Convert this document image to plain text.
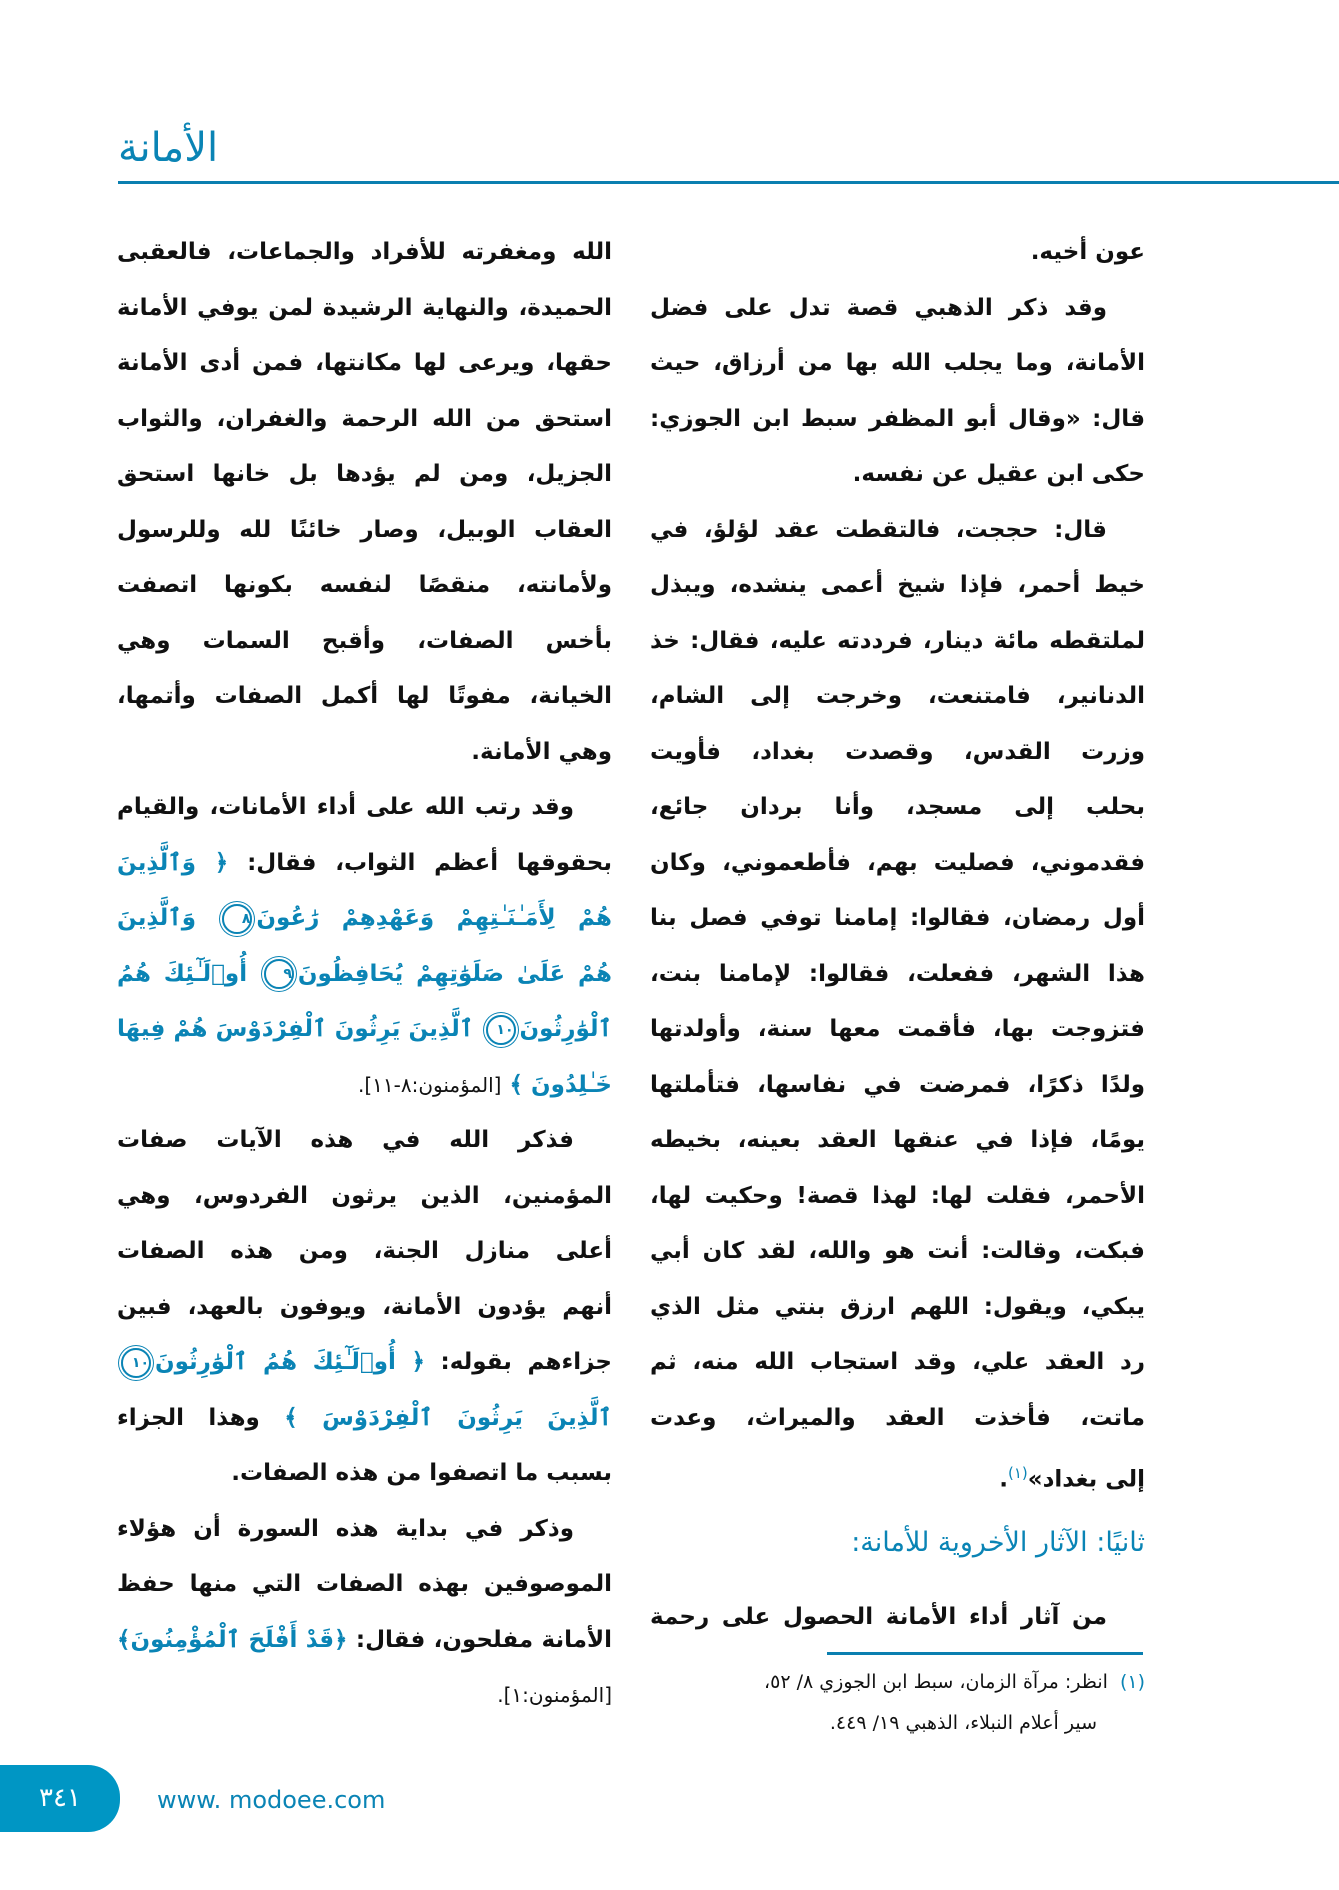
الأمانة
عون أخيه.
وقد ذكر الذهبي قصة تدل على فضل
الأمانة، وما يجلب الله بها من أرزاق، حيث
قال: «وقال أبو المظفر سبط ابن الجوزي:
حكى ابن عقيل عن نفسه.
قال: حججت، فالتقطت عقد لؤلؤ، في
خيط أحمر، فإذا شيخ أعمى ينشده، ويبذل
لملتقطه مائة دينار، فرددته عليه، فقال: خذ
الدنانير، فامتنعت، وخرجت إلى الشام،
وزرت القدس، وقصدت بغداد، فأويت
بحلب إلى مسجد، وأنا بردان جائع،
فقدموني، فصليت بهم، فأطعموني، وكان
أول رمضان، فقالوا: إمامنا توفي فصل بنا
هذا الشهر، ففعلت، فقالوا: لإمامنا بنت،
فتزوجت بها، فأقمت معها سنة، وأولدتها
ولدًا ذكرًا، فمرضت في نفاسها، فتأملتها
يومًا، فإذا في عنقها العقد بعينه، بخيطه
الأحمر، فقلت لها: لهذا قصة! وحكيت لها،
فبكت، وقالت: أنت هو والله، لقد كان أبي
يبكي، ويقول: اللهم ارزق بنتي مثل الذي
رد العقد علي، وقد استجاب الله منه، ثم
ماتت، فأخذت العقد والميراث، وعدت
إلى بغداد»$^{(١)}$.
الله ومغفرته للأفراد والجماعات، فالعقبى
الحميدة، والنهاية الرشيدة لمن يوفي الأمانة
حقها، ويرعى لها مكانتها، فمن أدى الأمانة
استحق من الله الرحمة والغفران، والثواب
الجزيل، ومن لم يؤدها بل خانها استحق
العقاب الوبيل، وصار خائنًا لله وللرسول
ولأمانته، منقصًا لنفسه بكونها اتصفت
بأخس الصفات، وأقبح السمات وهي
الخيانة، مفوتًا لها أكمل الصفات وأتمها،
وهي الأمانة.
وقد رتب الله على أداء الأمانات، والقيام
بحقوقها أعظم الثواب، فقال: ﴿ وَٱلَّذِينَ
هُمْ لِأَمَـٰنَـٰتِهِمْ وَعَهْدِهِمْ رَٰعُونَ٨ وَٱلَّذِينَ
هُمْ عَلَىٰ صَلَوَٰتِهِمْ يُحَافِظُونَ٩ أُو۟لَـٰٓئِكَ هُمُ
ٱلْوَٰرِثُونَ١٠ ٱلَّذِينَ يَرِثُونَ ٱلْفِرْدَوْسَ هُمْ فِيهَا
خَـٰلِدُونَ ﴾ [المؤمنون:٨-١١].
فذكر الله في هذه الآيات صفات
المؤمنين، الذين يرثون الفردوس، وهي
أعلى منازل الجنة، ومن هذه الصفات
أنهم يؤدون الأمانة، ويوفون بالعهد، فبين
جزاءهم بقوله: ﴿ أُو۟لَـٰٓئِكَ هُمُ ٱلْوَٰرِثُونَ١٠
ٱلَّذِينَ يَرِثُونَ ٱلْفِرْدَوْسَ ﴾ وهذا الجزاء
بسبب ما اتصفوا من هذه الصفات.
وذكر في بداية هذه السورة أن هؤلاء
الموصوفين بهذه الصفات التي منها حفظ
الأمانة مفلحون، فقال: ﴿قَدْ أَفْلَحَ ٱلْمُؤْمِنُونَ﴾
[المؤمنون:١].
ثانيًا: الآثار الأخروية للأمانة:
من آثار أداء الأمانة الحصول على رحمة
(١)انظر: مرآة الزمان، سبط ابن الجوزي ٨/ ٥٢،
سير أعلام النبلاء، الذهبي ١٩/ ٤٤٩.
٣٤١	www. modoee.com
